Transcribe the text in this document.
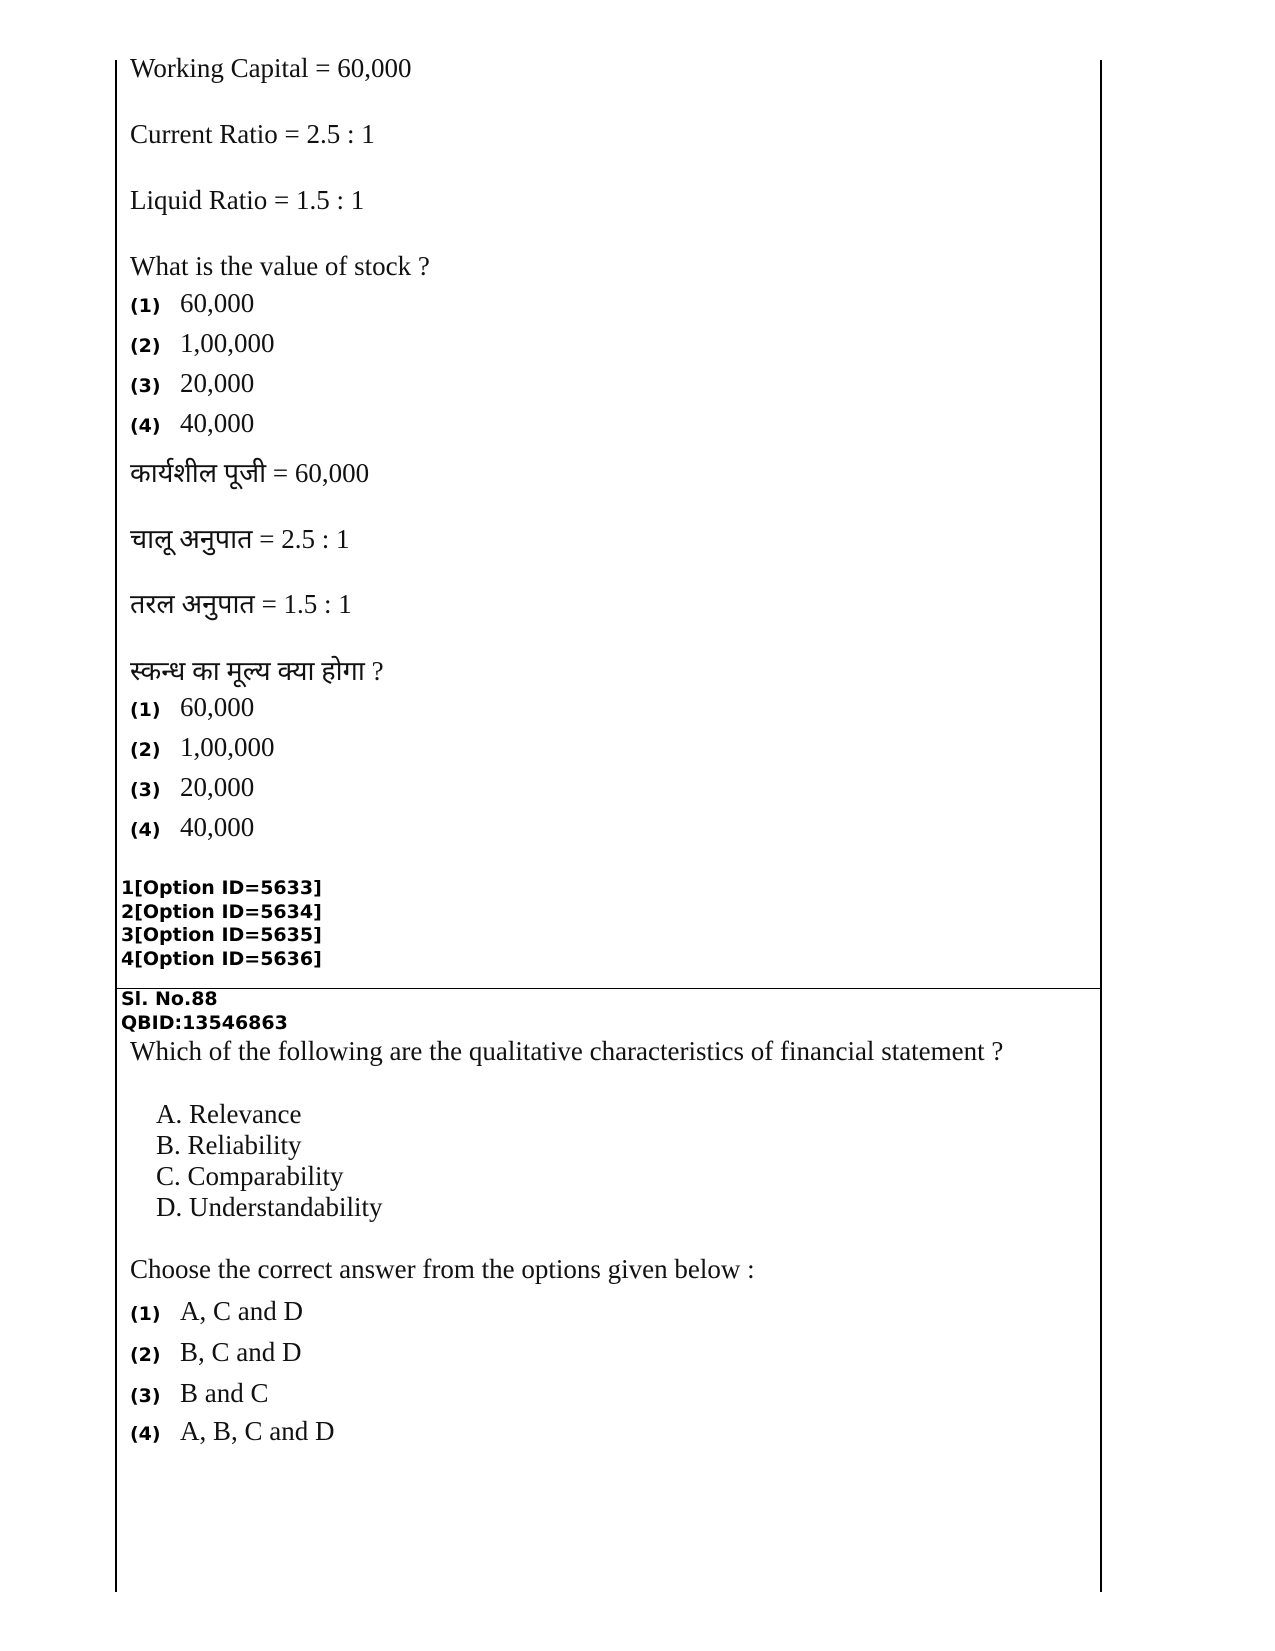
Working Capital = 60,000
Current Ratio = 2.5 : 1
Liquid Ratio = 1.5 : 1
What is the value of stock ?
(1) 60,000
(2) 1,00,000
(3) 20,000
(4) 40,000
कार्यशील पूजी = 60,000
चालू अनुपात = 2.5 : 1
तरल अनुपात = 1.5 : 1
स्कन्ध का मूल्य क्या होगा ?
(1) 60,000
(2) 1,00,000
(3) 20,000
(4) 40,000
1[Option ID=5633]
2[Option ID=5634]
3[Option ID=5635]
4[Option ID=5636]
Sl. No.88
QBID:13546863
Which of the following are the qualitative characteristics of financial statement ?
A. Relevance
B. Reliability
C. Comparability
D. Understandability
Choose the correct answer from the options given below :
(1) A, C and D
(2) B, C and D
(3) B and C
(4) A, B, C and D
